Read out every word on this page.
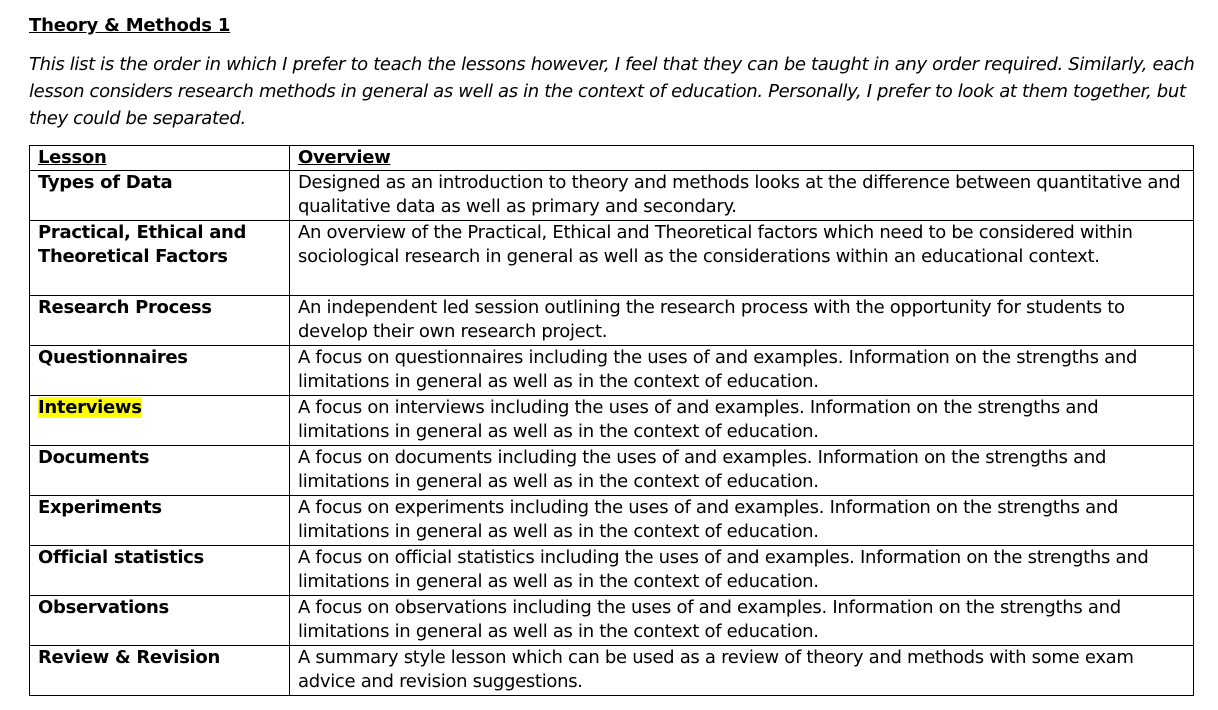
Theory & Methods 1

This list is the order in which I prefer to teach the lessons however, I feel that they can be taught in any order required. Similarly, each lesson considers research methods in general as well as in the context of education. Personally, I prefer to look at them together, but they could be separated.

Lesson	Overview
Types of Data	Designed as an introduction to theory and methods looks at the difference between quantitative and qualitative data as well as primary and secondary.
Practical, Ethical and Theoretical Factors	An overview of the Practical, Ethical and Theoretical factors which need to be considered within sociological research in general as well as the considerations within an educational context.
Research Process	An independent led session outlining the research process with the opportunity for students to develop their own research project.
Questionnaires	A focus on questionnaires including the uses of and examples. Information on the strengths and limitations in general as well as in the context of education.
Interviews	A focus on interviews including the uses of and examples. Information on the strengths and limitations in general as well as in the context of education.
Documents	A focus on documents including the uses of and examples. Information on the strengths and limitations in general as well as in the context of education.
Experiments	A focus on experiments including the uses of and examples. Information on the strengths and limitations in general as well as in the context of education.
Official statistics	A focus on official statistics including the uses of and examples. Information on the strengths and limitations in general as well as in the context of education.
Observations	A focus on observations including the uses of and examples. Information on the strengths and limitations in general as well as in the context of education.
Review & Revision	A summary style lesson which can be used as a review of theory and methods with some exam advice and revision suggestions.
